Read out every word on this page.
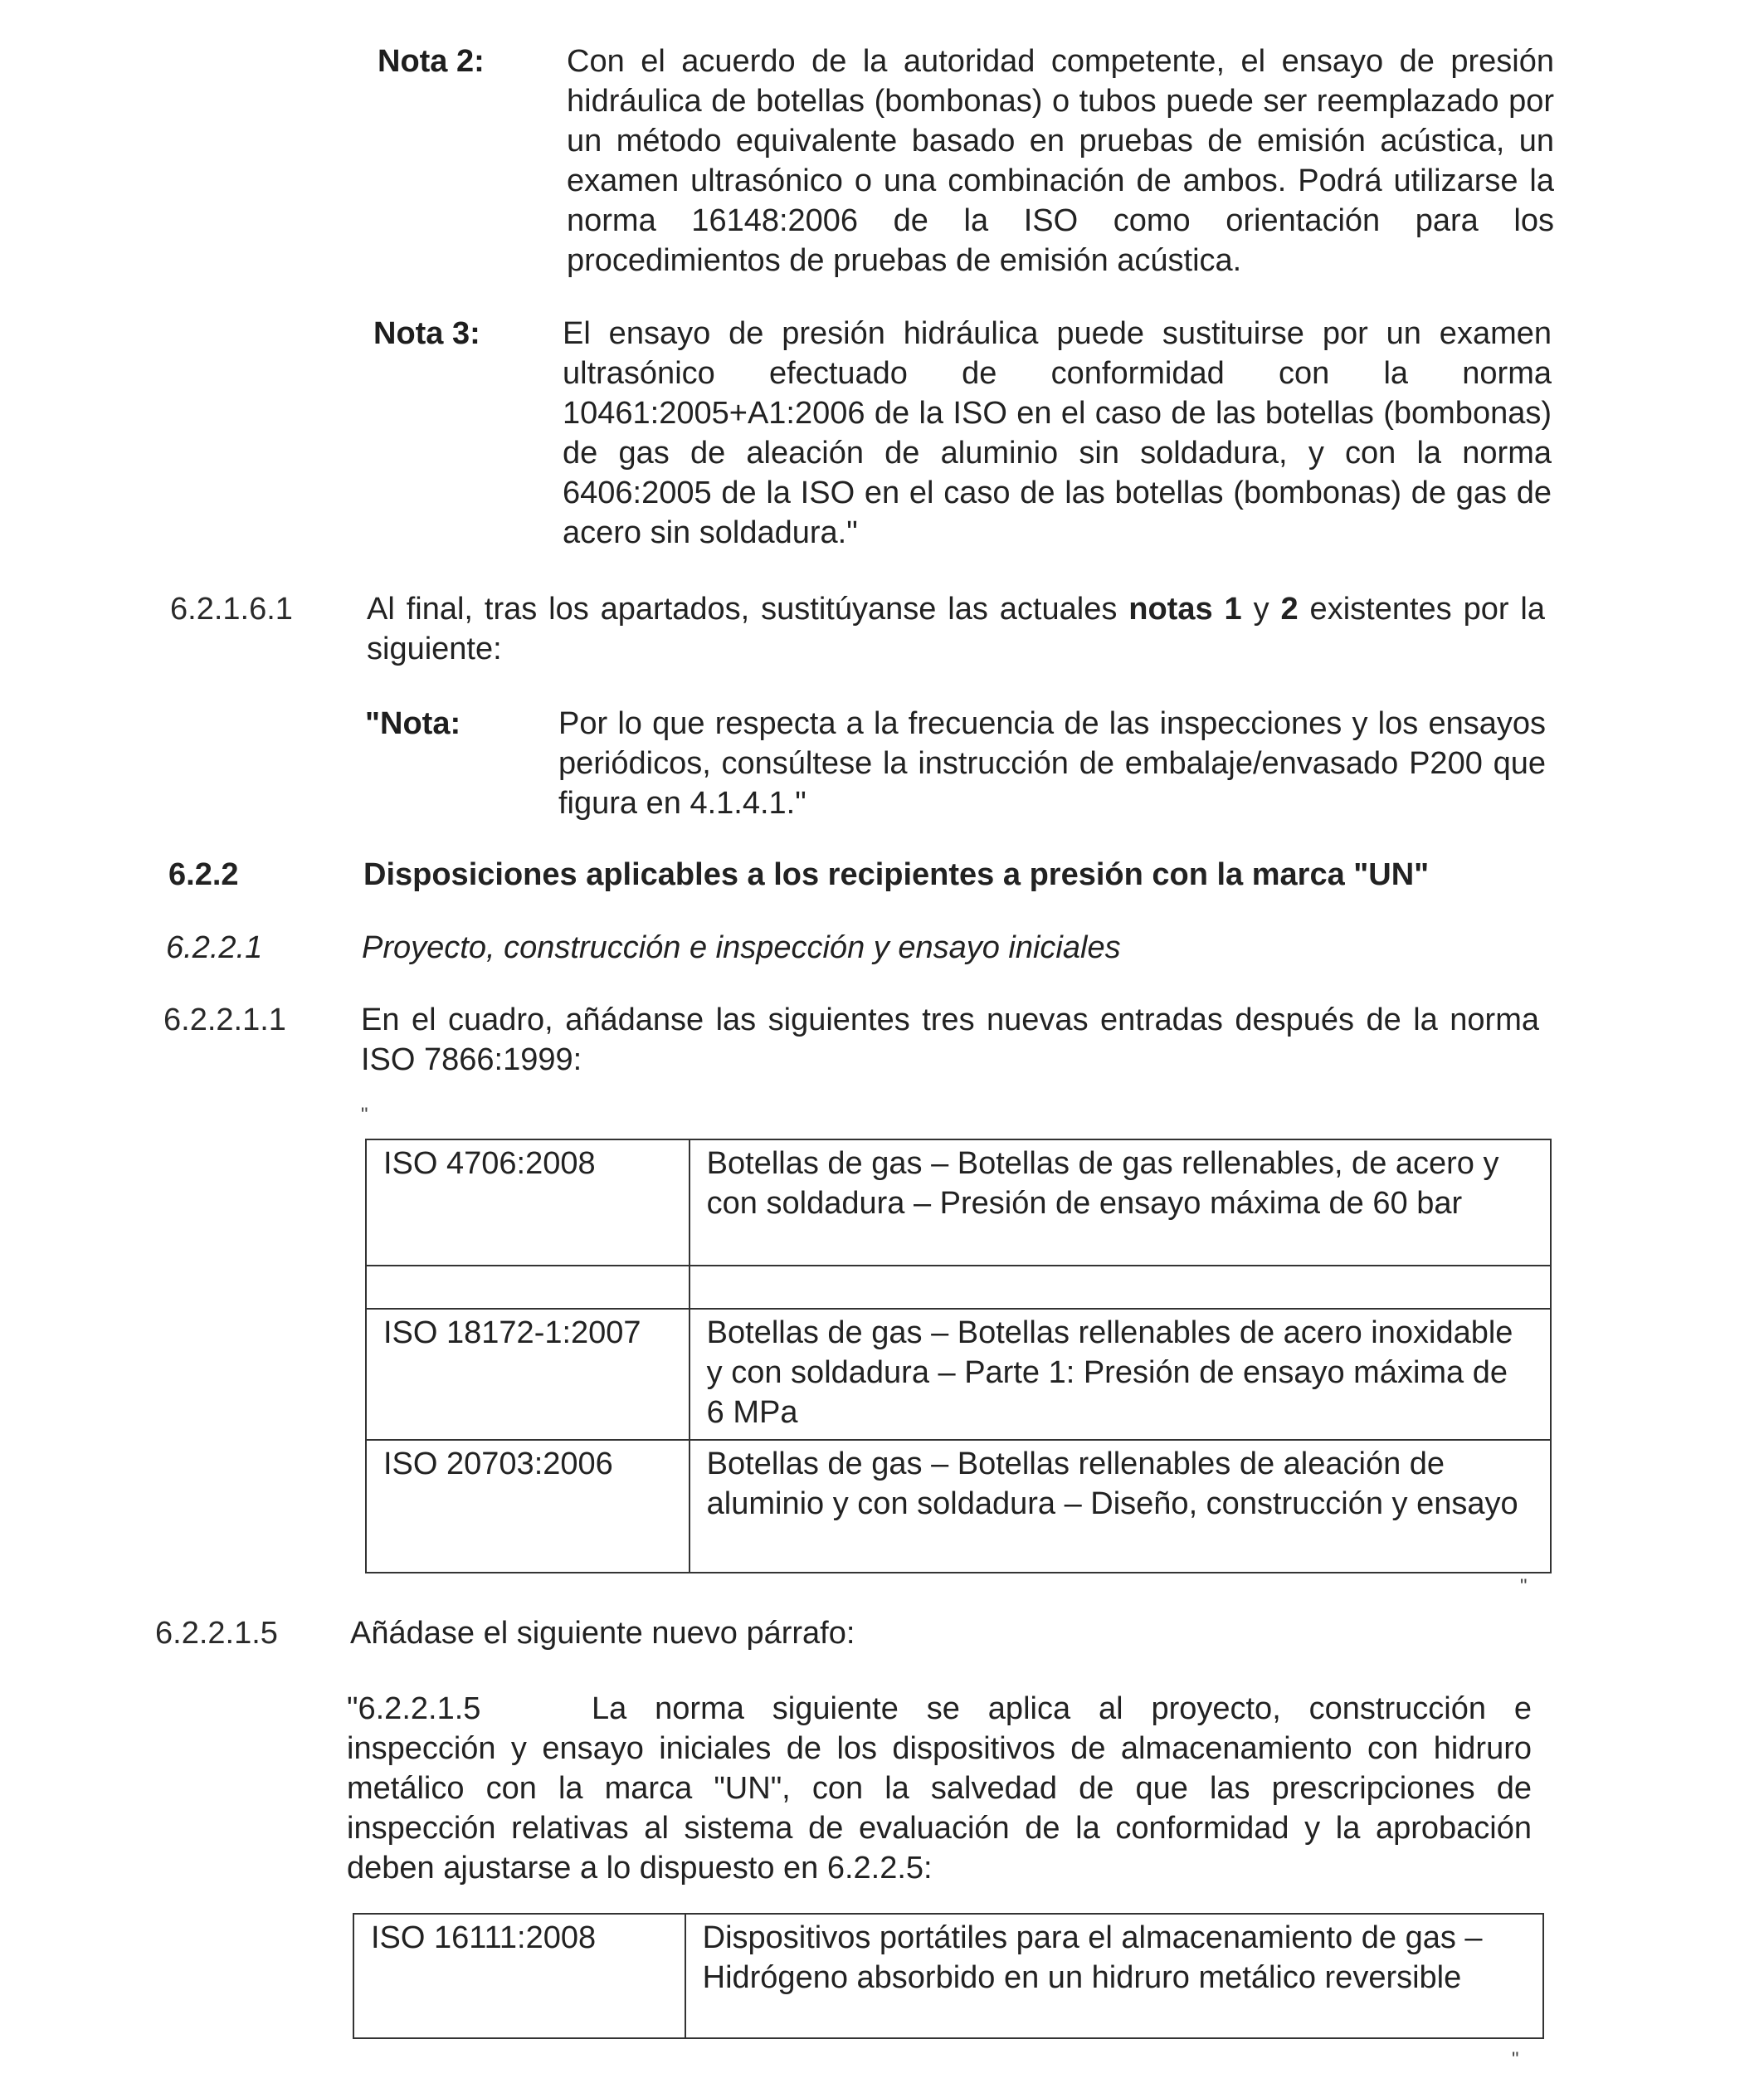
Nota 2:	Con el acuerdo de la autoridad competente, el ensayo de presión hidráulica de botellas (bombonas) o tubos puede ser reemplazado por un método equivalente basado en pruebas de emisión acústica, un examen ultrasónico o una combinación de ambos. Podrá utilizarse la norma 16148:2006 de la ISO como orientación para los procedimientos de pruebas de emisión acústica.
Nota 3:	El ensayo de presión hidráulica puede sustituirse por un examen ultrasónico efectuado de conformidad con la norma 10461:2005+A1:2006 de la ISO en el caso de las botellas (bombonas) de gas de aleación de aluminio sin soldadura, y con la norma 6406:2005 de la ISO en el caso de las botellas (bombonas) de gas de acero sin soldadura."
6.2.1.6.1 Al final, tras los apartados, sustitúyanse las actuales notas 1 y 2 existentes por la siguiente:
"Nota:	Por lo que respecta a la frecuencia de las inspecciones y los ensayos periódicos, consúltese la instrucción de embalaje/envasado P200 que figura en 4.1.4.1."
6.2.2	Disposiciones aplicables a los recipientes a presión con la marca "UN"
6.2.2.1	Proyecto, construcción e inspección y ensayo iniciales
6.2.2.1.1 En el cuadro, añádanse las siguientes tres nuevas entradas después de la norma ISO 7866:1999:
"
ISO 4706:2008	Botellas de gas – Botellas de gas rellenables, de acero y con soldadura – Presión de ensayo máxima de 60 bar

ISO 18172-1:2007	Botellas de gas – Botellas rellenables de acero inoxidable y con soldadura – Parte 1: Presión de ensayo máxima de 6 MPa
ISO 20703:2006	Botellas de gas – Botellas rellenables de aleación de aluminio y con soldadura – Diseño, construcción y ensayo
"
6.2.2.1.5 Añádase el siguiente nuevo párrafo:
"6.2.2.1.5	La norma siguiente se aplica al proyecto, construcción e inspección y ensayo iniciales de los dispositivos de almacenamiento con hidruro metálico con la marca "UN", con la salvedad de que las prescripciones de inspección relativas al sistema de evaluación de la conformidad y la aprobación deben ajustarse a lo dispuesto en 6.2.2.5:
ISO 16111:2008	Dispositivos portátiles para el almacenamiento de gas – Hidrógeno absorbido en un hidruro metálico reversible
"
